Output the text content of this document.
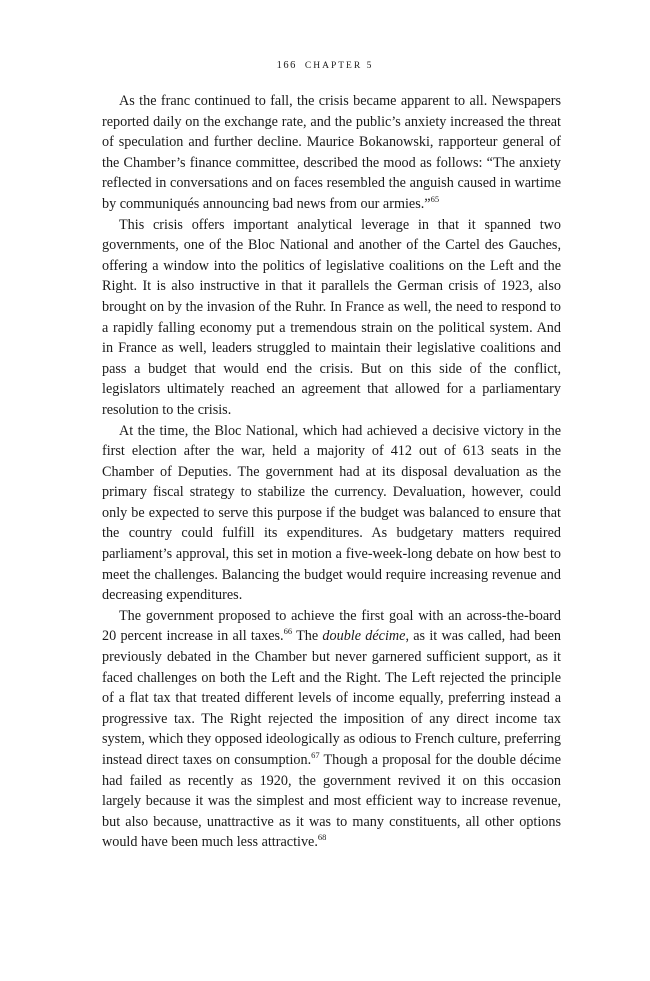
166 CHAPTER 5

As the franc continued to fall, the crisis became apparent to all. Newspapers reported daily on the exchange rate, and the public’s anxiety increased the threat of speculation and further decline. Maurice Bokanowski, rapporteur general of the Chamber’s finance committee, described the mood as follows: “The anxiety reflected in conversations and on faces resembled the anguish caused in wartime by communiqués announcing bad news from our armies.”$^{65}$

This crisis offers important analytical leverage in that it spanned two governments, one of the Bloc National and another of the Cartel des Gauches, offering a window into the politics of legislative coalitions on the Left and the Right. It is also instructive in that it parallels the German crisis of 1923, also brought on by the invasion of the Ruhr. In France as well, the need to respond to a rapidly falling economy put a tremendous strain on the political system. And in France as well, leaders struggled to maintain their legislative coalitions and pass a budget that would end the crisis. But on this side of the conflict, legislators ultimately reached an agreement that allowed for a parliamentary resolution to the crisis.

At the time, the Bloc National, which had achieved a decisive victory in the first election after the war, held a majority of 412 out of 613 seats in the Chamber of Deputies. The government had at its disposal devaluation as the primary fiscal strategy to stabilize the currency. Devaluation, however, could only be expected to serve this purpose if the budget was balanced to ensure that the country could fulfill its expenditures. As budgetary matters required parliament’s approval, this set in motion a five-week-long debate on how best to meet the challenges. Balancing the budget would require increasing revenue and decreasing expenditures.

The government proposed to achieve the first goal with an across-the-board 20 percent increase in all taxes.$^{66}$ The double décime, as it was called, had been previously debated in the Chamber but never garnered sufficient support, as it faced challenges on both the Left and the Right. The Left rejected the principle of a flat tax that treated different levels of income equally, preferring instead a progressive tax. The Right rejected the imposition of any direct income tax system, which they opposed ideologically as odious to French culture, preferring instead direct taxes on consumption.$^{67}$ Though a proposal for the double décime had failed as recently as 1920, the government revived it on this occasion largely because it was the simplest and most efficient way to increase revenue, but also because, unattractive as it was to many constituents, all other options would have been much less attractive.$^{68}$
